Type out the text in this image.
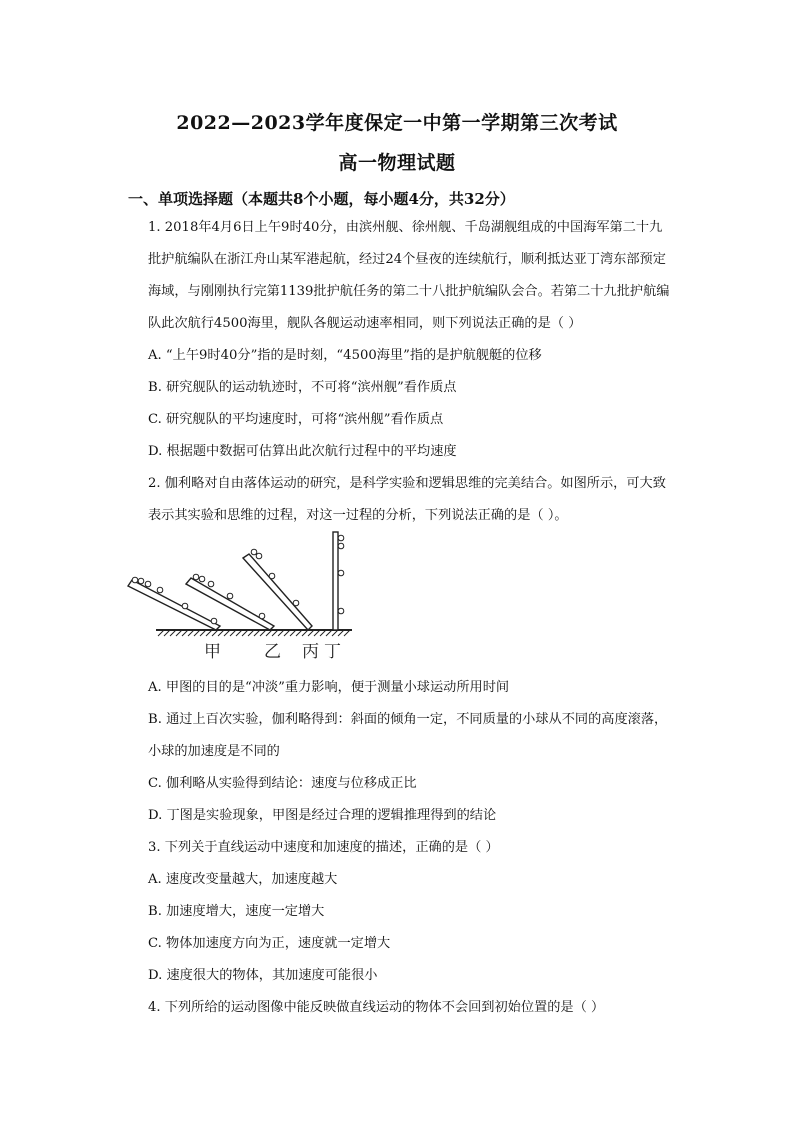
2022—2023学年度保定一中第一学期第三次考试
高一物理试题
一、单项选择题（本题共8个小题，每小题4分，共32分）
1. 2018年4月6日上午9时40分，由滨州舰、徐州舰、千岛湖舰组成的中国海军第二十九
批护航编队在浙江舟山某军港起航，经过24个昼夜的连续航行，顺利抵达亚丁湾东部预定
海域，与刚刚执行完第1139批护航任务的第二十八批护航编队会合。若第二十九批护航编
队此次航行4500海里，舰队各舰运动速率相同，则下列说法正确的是（ ）
A. “上午9时40分”指的是时刻，“4500海里”指的是护航舰艇的位移
B. 研究舰队的运动轨迹时，不可将“滨州舰”看作质点
C. 研究舰队的平均速度时，可将“滨州舰”看作质点
D. 根据题中数据可估算出此次航行过程中的平均速度
2. 伽利略对自由落体运动的研究，是科学实验和逻辑思维的完美结合。如图所示，可大致
表示其实验和思维的过程，对这一过程的分析，下列说法正确的是（ ）。
甲	乙 丙 丁
A. 甲图的目的是“冲淡”重力影响，便于测量小球运动所用时间
B. 通过上百次实验，伽利略得到：斜面的倾角一定，不同质量的小球从不同的高度滚落，
小球的加速度是不同的
C. 伽利略从实验得到结论：速度与位移成正比
D. 丁图是实验现象，甲图是经过合理的逻辑推理得到的结论
3. 下列关于直线运动中速度和加速度的描述，正确的是（ ）
A. 速度改变量越大，加速度越大
B. 加速度增大，速度一定增大
C. 物体加速度方向为正，速度就一定增大
D. 速度很大的物体，其加速度可能很小
4. 下列所给的运动图像中能反映做直线运动的物体不会回到初始位置的是（ ）
